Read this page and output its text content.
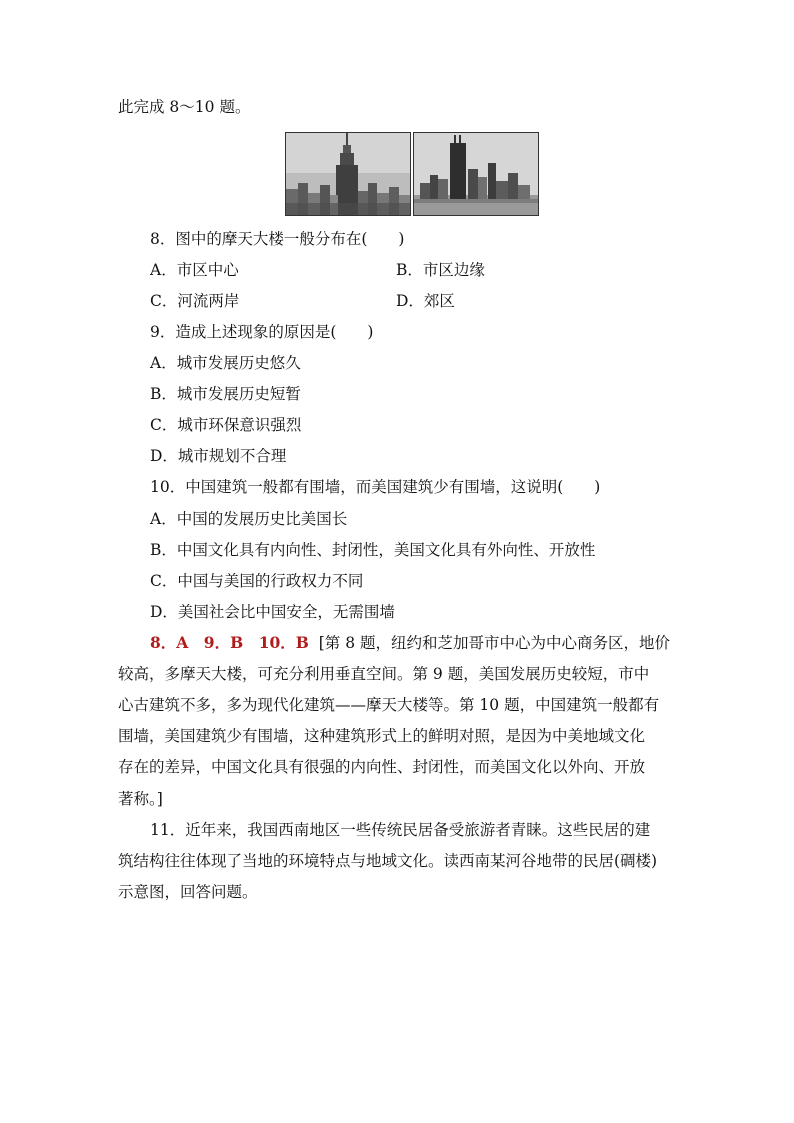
此完成 8～10 题。
8．图中的摩天大楼一般分布在(　　)
A．市区中心	B．市区边缘
C．河流两岸	D．郊区
9．造成上述现象的原因是(　　)
A．城市发展历史悠久
B．城市发展历史短暂
C．城市环保意识强烈
D．城市规划不合理
10．中国建筑一般都有围墙，而美国建筑少有围墙，这说明(　　)
A．中国的发展历史比美国长
B．中国文化具有内向性、封闭性，美国文化具有外向性、开放性
C．中国与美国的行政权力不同
D．美国社会比中国安全，无需围墙
8．A　9．B　10．B [第 8 题，纽约和芝加哥市中心为中心商务区，地价
较高，多摩天大楼，可充分利用垂直空间。第 9 题，美国发展历史较短，市中
心古建筑不多，多为现代化建筑——摩天大楼等。第 10 题，中国建筑一般都有
围墙，美国建筑少有围墙，这种建筑形式上的鲜明对照，是因为中美地域文化
存在的差异，中国文化具有很强的内向性、封闭性，而美国文化以外向、开放
著称。]
11．近年来，我国西南地区一些传统民居备受旅游者青睐。这些民居的建
筑结构往往体现了当地的环境特点与地域文化。读西南某河谷地带的民居(碉楼)
示意图，回答问题。
